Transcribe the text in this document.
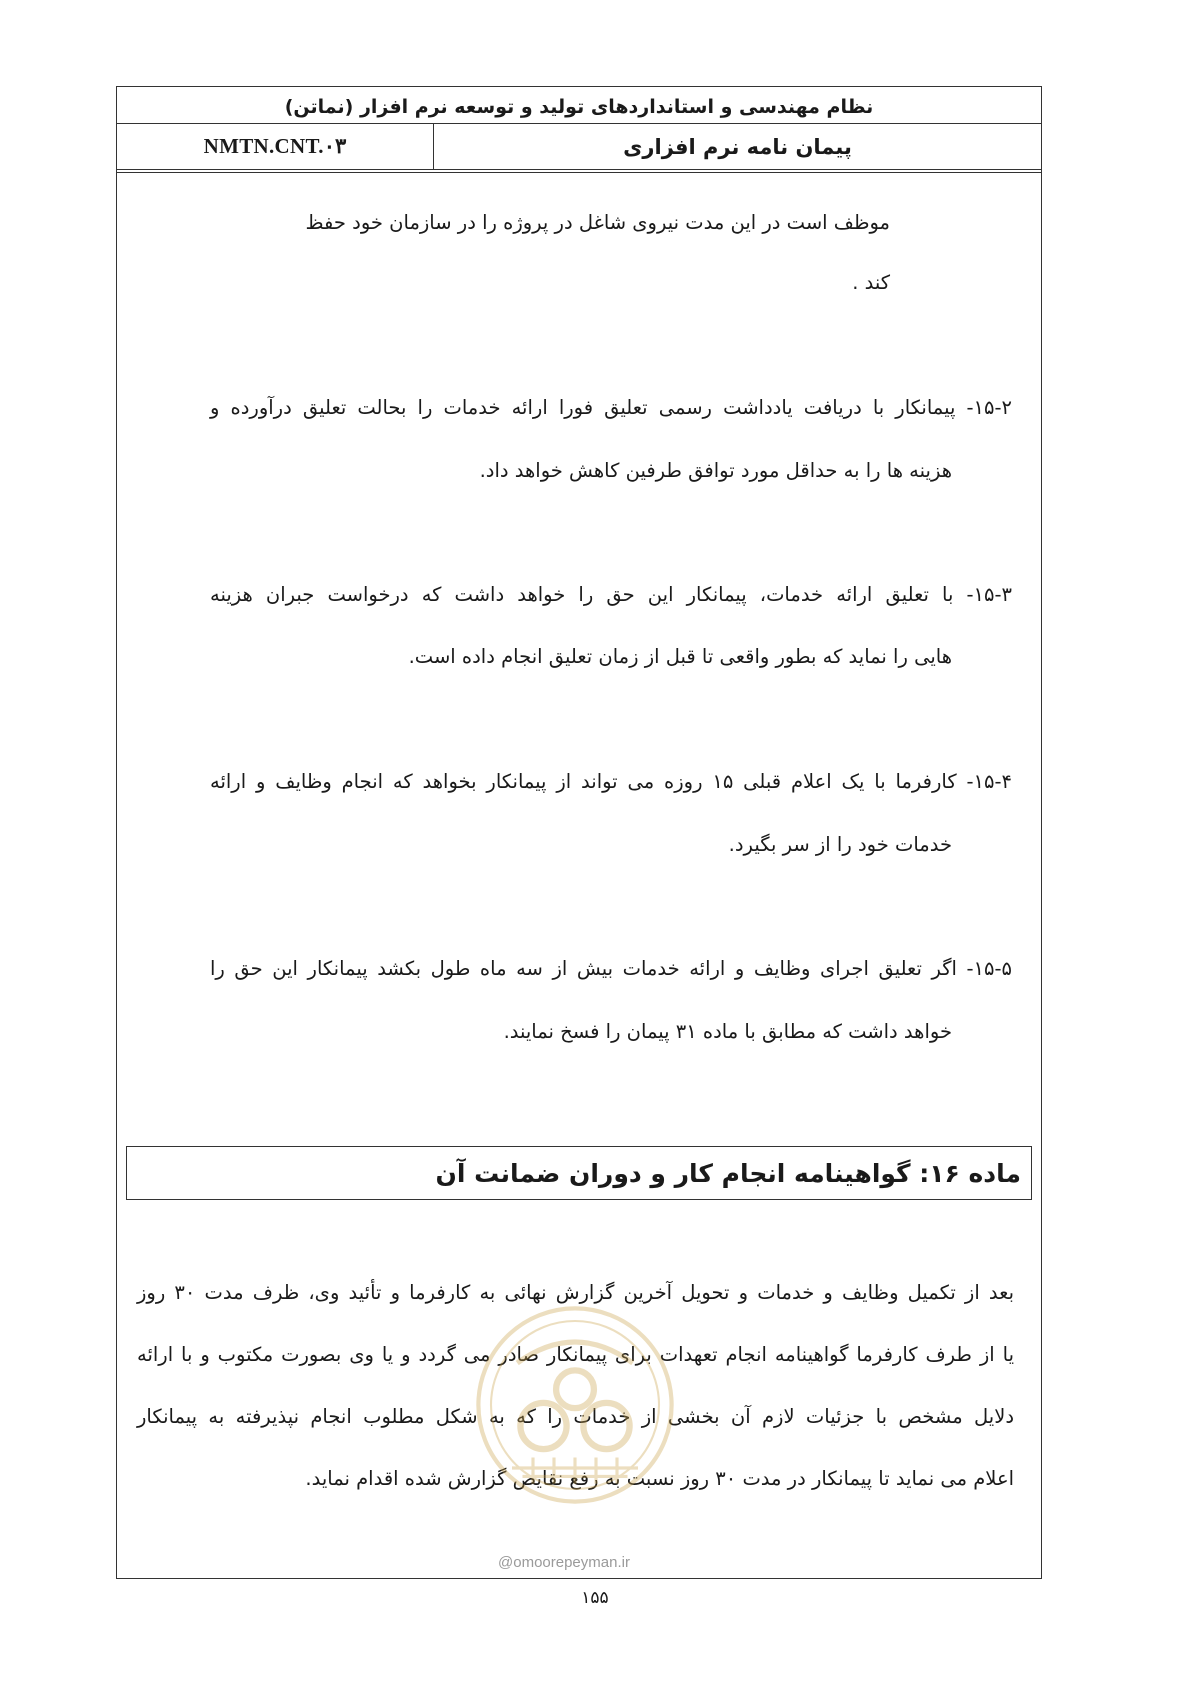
نظام مهندسی و استانداردهای تولید و توسعه نرم افزار (نماتن)
NMTN.CNT.۰۳	پیمان نامه نرم افزاری
موظف است در این مدت نیروی شاغل در پروژه را در سازمان خود حفظ
کند .
۱۵-۲- پیمانکار با دریافت یادداشت رسمی تعلیق فورا ارائه خدمات را بحالت تعلیق درآورده و
هزینه ها را به حداقل مورد توافق طرفین کاهش خواهد داد.
۱۵-۳- با تعلیق ارائه خدمات، پیمانکار این حق را خواهد داشت که درخواست جبران هزینه
هایی را نماید که بطور واقعی تا قبل از زمان تعلیق انجام داده است.
۱۵-۴- کارفرما با یک اعلام قبلی ۱۵ روزه می تواند از پیمانکار بخواهد که انجام وظایف و ارائه
خدمات خود را از سر بگیرد.
۱۵-۵- اگر تعلیق اجرای وظایف و ارائه خدمات بیش از سه ماه طول بکشد پیمانکار این حق را
خواهد داشت که مطابق با ماده ۳۱ پیمان را فسخ نمایند.
ماده ۱۶: گواهینامه انجام کار و دوران ضمانت آن
بعد از تکمیل وظایف و خدمات و تحویل آخرین گزارش نهائی به کارفرما و تأئید وی، ظرف مدت ۳۰ روز
یا از طرف کارفرما گواهینامه انجام تعهدات برای پیمانکار صادر می گردد و یا وی بصورت مکتوب و با ارائه
دلایل مشخص با جزئیات لازم آن بخشی از خدمات را که به شکل مطلوب انجام نپذیرفته به پیمانکار
اعلام می نماید تا پیمانکار در مدت ۳۰ روز نسبت به رفع نقایص گزارش شده اقدام نماید.
@omoorepeyman.ir
۱۵۵
